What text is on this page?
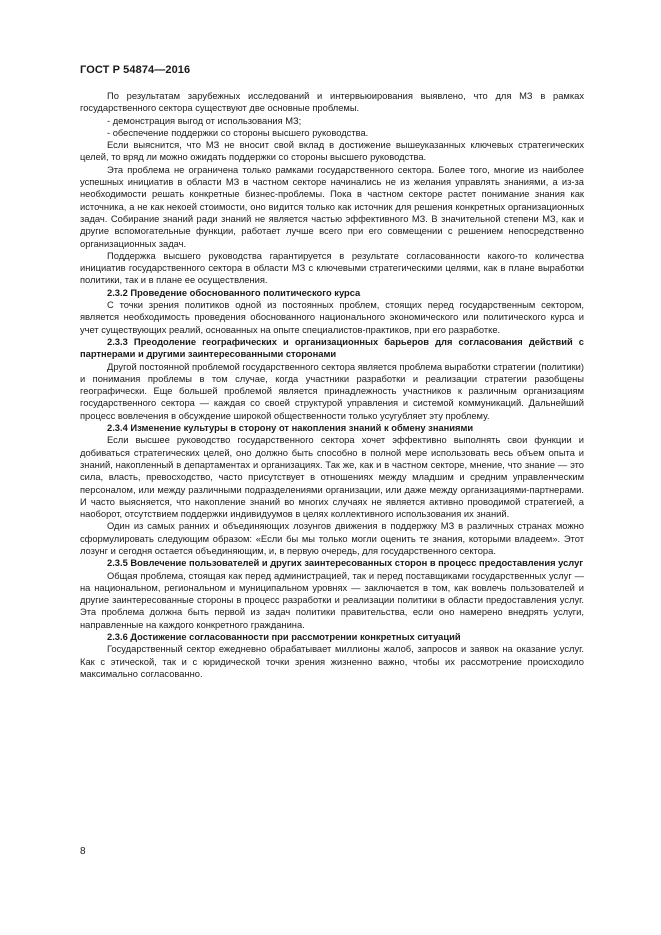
ГОСТ Р 54874—2016

По результатам зарубежных исследований и интервьюирования выявлено, что для МЗ в рамках государственного сектора существуют две основные проблемы.

- демонстрация выгод от использования МЗ;

- обеспечение поддержки со стороны высшего руководства.

Если выяснится, что МЗ не вносит свой вклад в достижение вышеуказанных ключевых стратегических целей, то вряд ли можно ожидать поддержки со стороны высшего руководства.

Эта проблема не ограничена только рамками государственного сектора. Более того, многие из наиболее успешных инициатив в области МЗ в частном секторе начинались не из желания управлять знаниями, а из-за необходимости решать конкретные бизнес-проблемы. Пока в частном секторе растет понимание знания как источника, а не как некоей стоимости, оно видится только как источник для решения конкретных организационных задач. Собирание знаний ради знаний не является частью эффективного МЗ. В значительной степени МЗ, как и другие вспомогательные функции, работает лучше всего при его совмещении с решением непосредственно организационных задач.

Поддержка высшего руководства гарантируется в результате согласованности какого-то количества инициатив государственного сектора в области МЗ с ключевыми стратегическими целями, как в плане выработки политики, так и в плане ее осуществления.

2.3.2 Проведение обоснованного политического курса

С точки зрения политиков одной из постоянных проблем, стоящих перед государственным сектором, является необходимость проведения обоснованного национального экономического или политического курса и учет существующих реалий, основанных на опыте специалистов-практиков, при его разработке.

2.3.3 Преодоление географических и организационных барьеров для согласования действий с партнерами и другими заинтересованными сторонами

Другой постоянной проблемой государственного сектора является проблема выработки стратегии (политики) и понимания проблемы в том случае, когда участники разработки и реализации стратегии разобщены географически. Еще большей проблемой является принадлежность участников к различным организациям государственного сектора — каждая со своей структурой управления и системой коммуникаций. Дальнейший процесс вовлечения в обсуждение широкой общественности только усугубляет эту проблему.

2.3.4 Изменение культуры в сторону от накопления знаний к обмену знаниями

Если высшее руководство государственного сектора хочет эффективно выполнять свои функции и добиваться стратегических целей, оно должно быть способно в полной мере использовать весь объем опыта и знаний, накопленный в департаментах и организациях. Так же, как и в частном секторе, мнение, что знание — это сила, власть, превосходство, часто присутствует в отношениях между младшим и средним управленческим персоналом, или между различными подразделениями организации, или даже между организациями-партнерами. И часто выясняется, что накопление знаний во многих случаях не является активно проводимой стратегией, а наоборот, отсутствием поддержки индивидуумов в целях коллективного использования их знаний.

Один из самых ранних и объединяющих лозунгов движения в поддержку МЗ в различных странах можно сформулировать следующим образом: «Если бы мы только могли оценить те знания, которыми владеем». Этот лозунг и сегодня остается объединяющим, и, в первую очередь, для государственного сектора.

2.3.5 Вовлечение пользователей и других заинтересованных сторон в процесс предоставления услуг

Общая проблема, стоящая как перед администрацией, так и перед поставщиками государственных услуг — на национальном, региональном и муниципальном уровнях — заключается в том, как вовлечь пользователей и другие заинтересованные стороны в процесс разработки и реализации политики в области предоставления услуг. Эта проблема должна быть первой из задач политики правительства, если оно намерено внедрять услуги, направленные на каждого конкретного гражданина.

2.3.6 Достижение согласованности при рассмотрении конкретных ситуаций

Государственный сектор ежедневно обрабатывает миллионы жалоб, запросов и заявок на оказание услуг. Как с этической, так и с юридической точки зрения жизненно важно, чтобы их рассмотрение происходило максимально согласованно.

8
